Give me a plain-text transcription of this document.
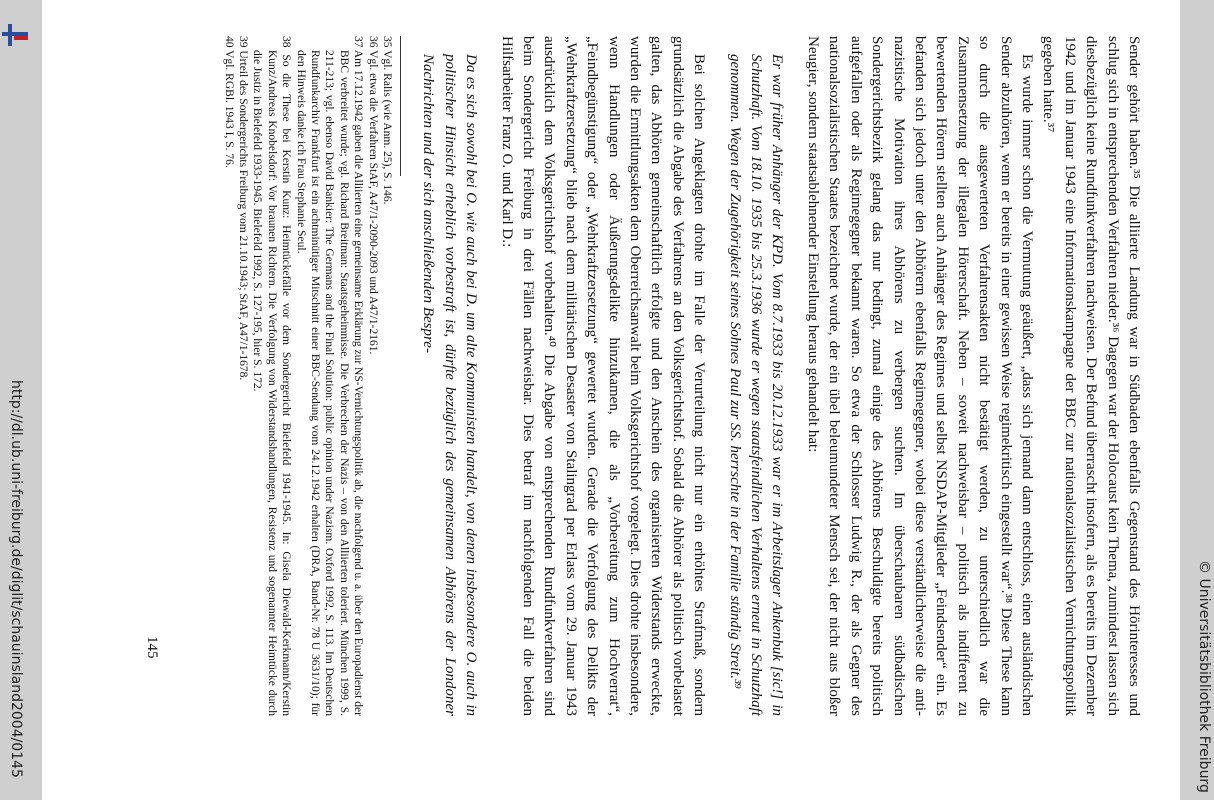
Sender gehört haben.³⁵ Die alliierte Landung war in Südbaden ebenfalls Gegenstand des Hörinteresses und schlug sich in entsprechenden Verfahren nieder.³⁶ Dagegen war der Holocaust kein Thema, zumindest lassen sich diesbezüglich keine Rundfunkverfahren nachweisen. Der Befund überrascht insofern, als es bereits im Dezember 1942 und im Januar 1943 eine Informationskampagne der BBC zur nationalsozialistischen Vernichtungspolitik gegeben hatte.³⁷

Es wurde immer schon die Vermutung geäußert, „dass sich jemand dann entschloss, einen ausländischen Sender abzuhören, wenn er bereits in einer gewissen Weise regimekritisch eingestellt war“.³⁸ Diese These kann so durch die ausgewerteten Verfahrensakten nicht bestätigt werden, zu unterschiedlich war die Zusammensetzung der illegalen Hörerschaft. Neben – soweit nachweisbar – politisch als indifferent zu bewertenden Hörern stellten auch Anhänger des Regimes und selbst NSDAP-Mitglieder „Feindsender“ ein. Es befanden sich jedoch unter den Abhörern ebenfalls Regimegegner, wobei diese verständlicherweise die anti-nazistische Motivation ihres Abhörens zu verbergen suchten. Im überschaubaren südbadischen Sondergerichtsbezirk gelang das nur bedingt, zumal einige des Abhörens Beschuldigte bereits politisch aufgefallen oder als Regimegegner bekannt waren. So etwa der Schlosser Ludwig R., der als Gegner des nationalsozialistischen Staates bezeichnet wurde, der ein übel beleumundeter Mensch sei, der nicht aus bloßer Neugier, sondern staatsablehnender Einstellung heraus gehandelt hat:

Er war früher Anhänger der KPD. Vom 8.7.1933 bis 20.12.1933 war er im Arbeitslager Ankenbuk [sic!] in Schutzhaft. Vom 18.10. 1935 bis 25.3.1936 wurde er wegen staatsfeindlichen Verhaltens erneut in Schutzhaft genommen. Wegen der Zugehörigkeit seines Sohnes Paul zur SS. herrschte in der Familie ständig Streit.³⁹

Bei solchen Angeklagten drohte im Falle der Verurteilung nicht nur ein erhöhtes Strafmaß, sondern grundsätzlich die Abgabe des Verfahrens an den Volksgerichtshof. Sobald die Abhörer als politisch vorbelastet galten, das Abhören gemeinschaftlich erfolgte und den Anschein des organisierten Widerstands erweckte, wurden die Ermittlungsakten dem Oberreichsanwalt beim Volksgerichtshof vorgelegt. Dies drohte insbesondere, wenn Handlungen oder Äußerungsdelikte hinzukamen, die als „Vorbereitung zum Hochverrat“, „Feindbegünstigung“ oder „Wehrkraftzersetzung“ gewertet wurden. Gerade die Verfolgung des Delikts der „Wehrkraftzersetzung“ blieb nach dem militärischen Desaster von Stalingrad per Erlass vom 29. Januar 1943 ausdrücklich dem Volksgerichtshof vorbehalten.⁴⁰ Die Abgabe von entsprechenden Rundfunkverfahren sind beim Sondergericht Freiburg in drei Fällen nachweisbar. Dies betraf im nachfolgenden Fall die beiden Hilfsarbeiter Franz O. und Karl D.:

Da es sich sowohl bei O. wie auch bei D. um alte Kommunisten handelt, von denen insbesondere O. auch in politischer Hinsicht erheblich vorbestraft ist, dürfte bezüglich des gemeinsamen Abhörens der Londoner Nachrichten und der sich anschließenden Bespre-

35 Vgl. Ralis (wie Anm. 25), S. 146.

36 Vgl. etwa die Verfahren StAF, A47/1-2090-2093 und A47/1-2161.

37 Am 17.12.1942 gaben die Alliierten eine gemeinsame Erklärung zur NS-Vernichtungspolitik ab, die nachfolgend u. a. über den Europadienst der BBC verbreitet wurde; vgl. Richard Breitman: Staatsgeheimnisse. Die Verbrechen der Nazis – von den Alliierten toleriert. München 1999, S. 211-213; vgl. ebenso David Bankier: The Germans and the Final Solution: public opinion under Nazism. Oxford 1992, S. 113. Im Deutschen Rundfunkarchiv Frankfurt ist ein achtminütiger Mitschnitt einer BBC-Sendung vom 24.12.1942 erhalten (DRA, Band-Nr. 78 U 3631/10); für den Hinweis danke ich Frau Stephanie Seul.

38 So die These bei Kerstin Kunz: Heimtückefälle vor dem Sondergericht Bielefeld 1941-1945. In: Gisela Diewald-Kerkmann/Kerstin Kunz/Andreas Knobelsdorf: Vor braunen Richtern. Die Verfolgung von Widerstandshandlungen, Resistenz und sogenannter Heimtücke durch die Justiz in Bielefeld 1933-1945. Bielefeld 1992, S. 127-195, hier S. 172.

39 Urteil des Sondergerichts Freiburg vom 21.10.1943; StAF, A47/1-1678.

40 Vgl. RGBl. 1943 I, S. 76.

145
http://dl.ub.uni-freiburg.de/diglit/schauinsland2004/0145	© Universitätsbibliothek Freiburg
